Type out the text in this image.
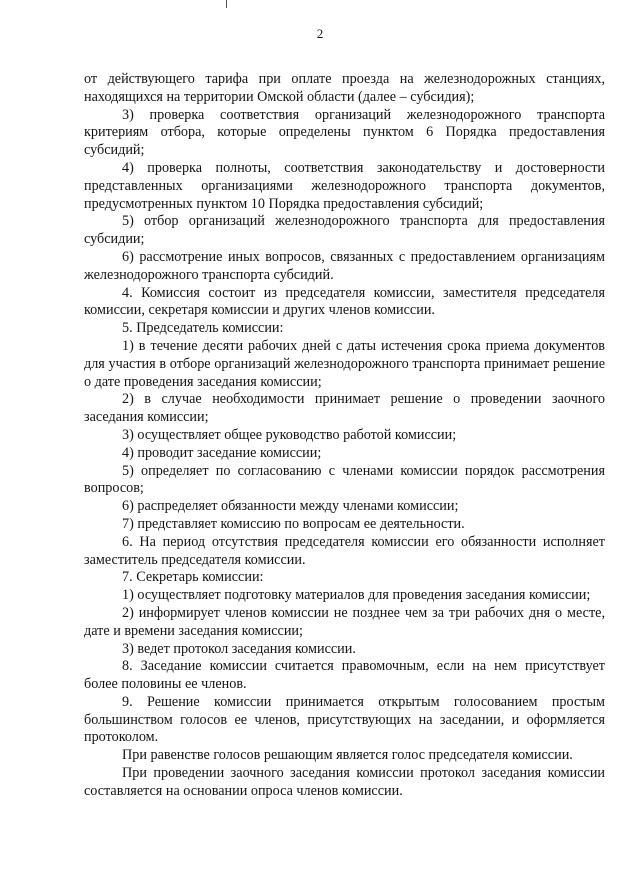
2

от действующего тарифа при оплате проезда на железнодорожных станциях, находящихся на территории Омской области (далее – субсидия);

3) проверка соответствия организаций железнодорожного транспорта критериям отбора, которые определены пунктом 6 Порядка предоставления субсидий;

4) проверка полноты, соответствия законодательству и достоверности представленных организациями железнодорожного транспорта документов, предусмотренных пунктом 10 Порядка предоставления субсидий;

5) отбор организаций железнодорожного транспорта для предоставления субсидии;

6) рассмотрение иных вопросов, связанных с предоставлением организациям железнодорожного транспорта субсидий.

4. Комиссия состоит из председателя комиссии, заместителя председателя комиссии, секретаря комиссии и других членов комиссии.

5. Председатель комиссии:

1) в течение десяти рабочих дней с даты истечения срока приема документов для участия в отборе организаций железнодорожного транспорта принимает решение о дате проведения заседания комиссии;

2) в случае необходимости принимает решение о проведении заочного заседания комиссии;

3) осуществляет общее руководство работой комиссии;

4) проводит заседание комиссии;

5) определяет по согласованию с членами комиссии порядок рассмотрения вопросов;

6) распределяет обязанности между членами комиссии;

7) представляет комиссию по вопросам ее деятельности.

6. На период отсутствия председателя комиссии его обязанности исполняет заместитель председателя комиссии.

7. Секретарь комиссии:

1) осуществляет подготовку материалов для проведения заседания комиссии;

2) информирует членов комиссии не позднее чем за три рабочих дня о месте, дате и времени заседания комиссии;

3) ведет протокол заседания комиссии.

8. Заседание комиссии считается правомочным, если на нем присутствует более половины ее членов.

9. Решение комиссии принимается открытым голосованием простым большинством голосов ее членов, присутствующих на заседании, и оформляется протоколом.

При равенстве голосов решающим является голос председателя комиссии.

При проведении заочного заседания комиссии протокол заседания комиссии составляется на основании опроса членов комиссии.
